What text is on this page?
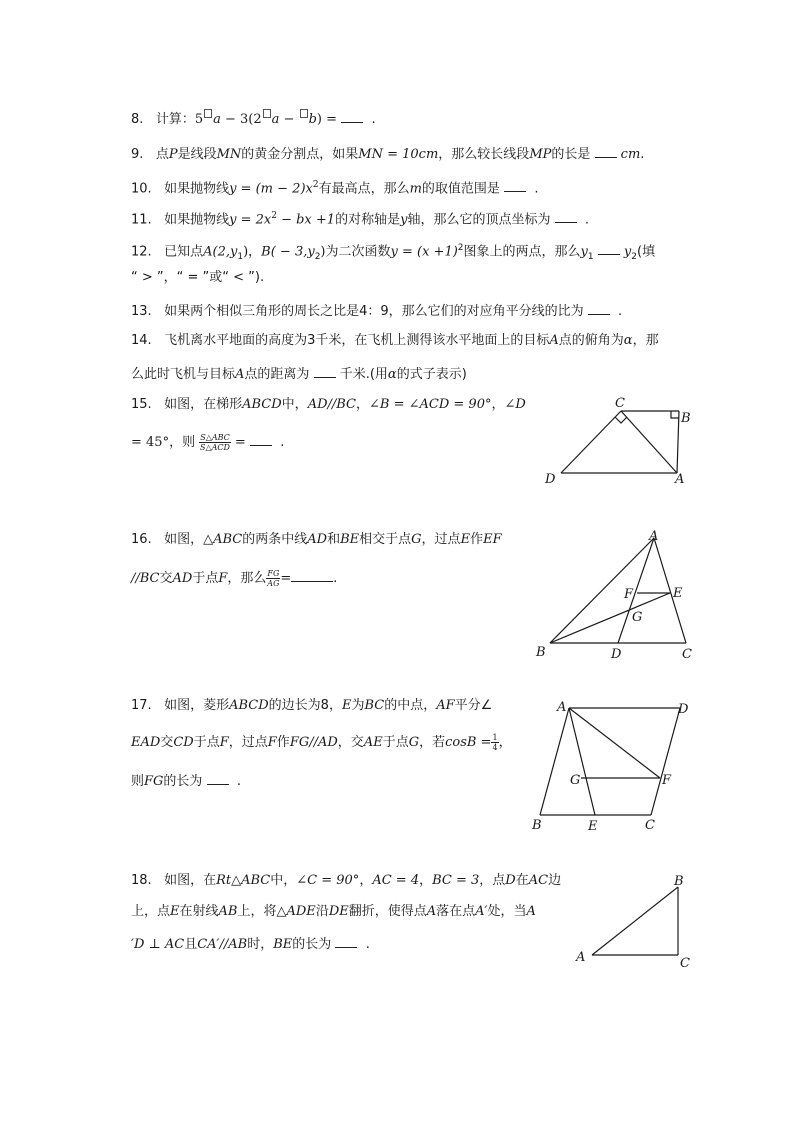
8. 计算：5 a − 3(2 a − b) =	.
9. 点P是线段MN的黄金分割点，如果MN = 10cm，那么较长线段MP的长是 cm.
10. 如果抛物线$y = (m - 2)x^2$有最高点，那么m的取值范围是	.
11. 如果抛物线$y = 2x^2$ − bx +1的对称轴是y轴，那么它的顶点坐标为	.
12. 已知点$A(2,y_1)$，$B( - 3,y_2)$为二次函数$y = (x +1)^2$图象上的两点，那么$y_1$ $y_2$(填
“ > ”，“ = ”或“ < ”).
13. 如果两个相似三角形的周长之比是4：9，那么它们的对应角平分线的比为	.
14. 飞机离水平地面的高度为3千米，在飞机上测得该水平地面上的目标A点的俯角为α，那
么此时飞机与目标A点的距离为 千米.(用α的式子表示)
15. 如图，在梯形ABCD中，AD//BC，∠B = ∠ACD = 90°，∠D
= 45°，则 $\frac{\text{S△ABC}}{\text{S△ACD}}$ =	.
C
B
D	A
16. 如图，△ABC的两条中线AD和BE相交于点G，过点E作EF
//BC交AD于点F，那么 $\frac{FG}{AG}$ =	.
A
F	E
G
B	D	C
17. 如图，菱形ABCD的边长为8，E为BC的中点，AF平分∠
EAD交CD于点F，过点F作FG//AD，交AE于点G，若$\cos B = \frac{1}{4}$ ，
则FG的长为	.
A	D
G	F
B	E	C
18. 如图，在Rt△ABC中，∠C = 90°，AC = 4，BC = 3，点D在AC边
上，点E在射线AB上，将△ADE沿DE翻折，使得点A落在点A′处，当A
′D ⊥ AC且CA′//AB时，BE的长为	.
B
A	C
